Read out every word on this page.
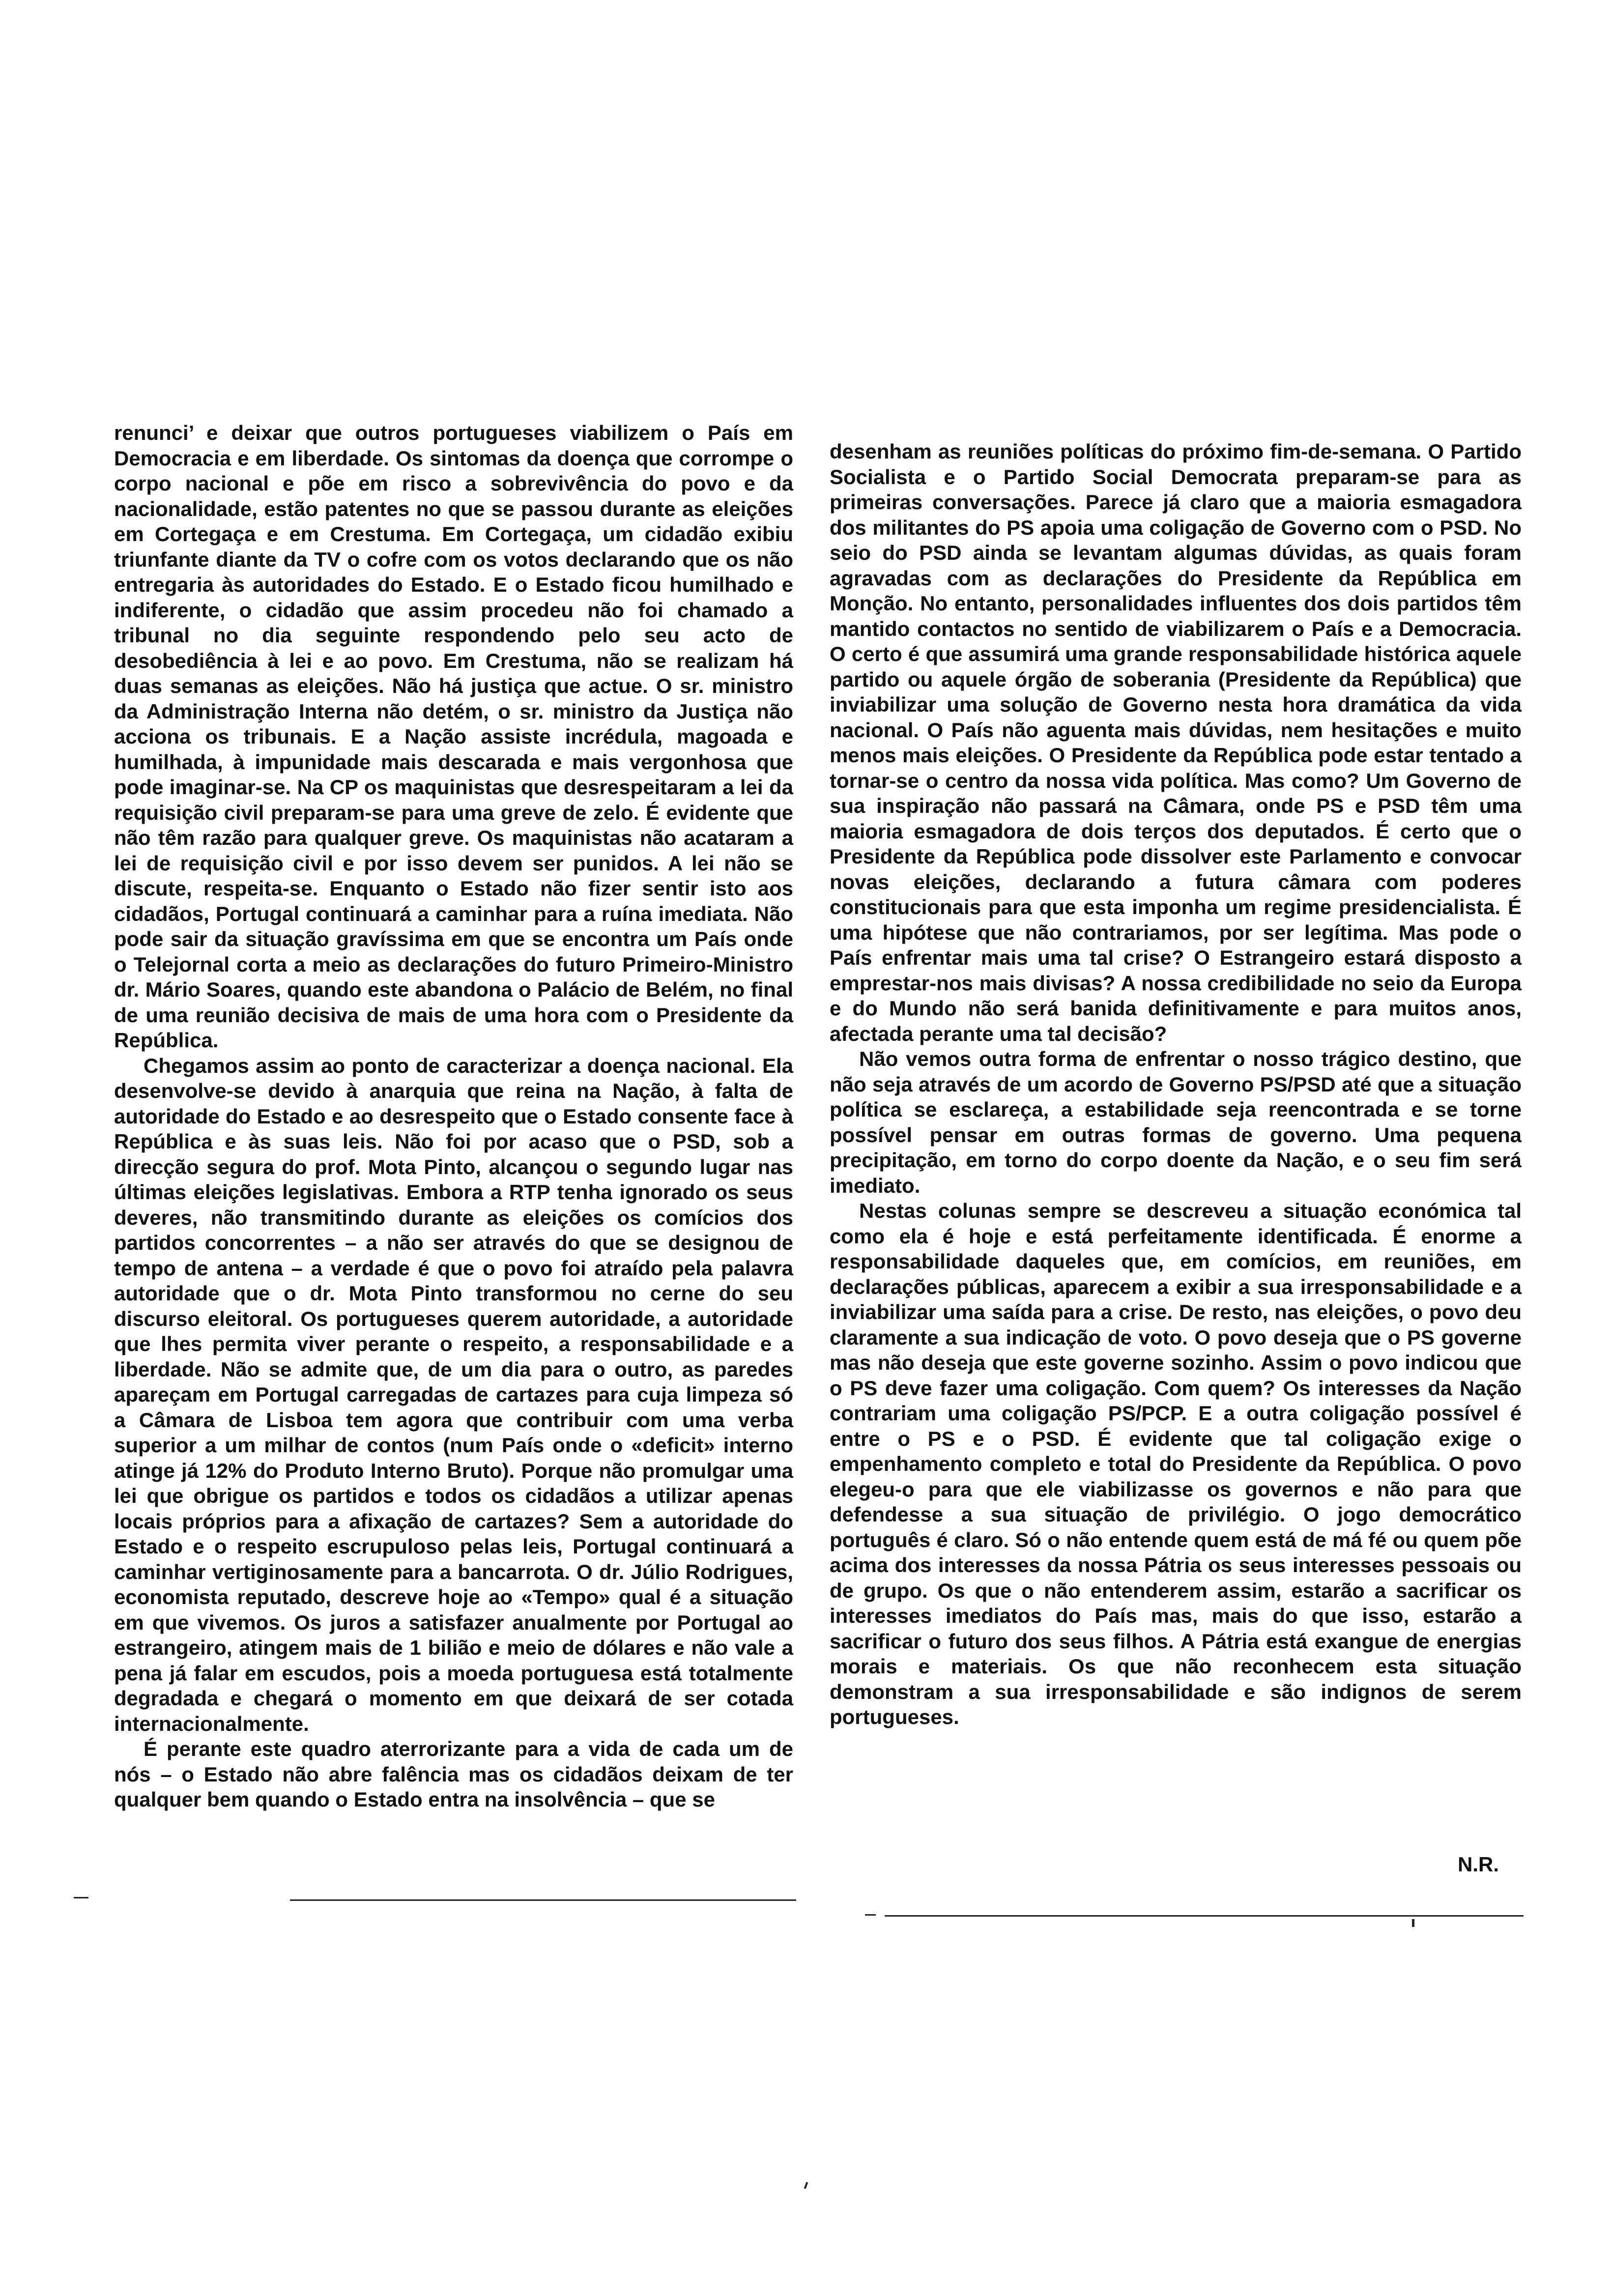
renunci’ e deixar que outros portugueses viabilizem o País em Democracia e em liberdade. Os sintomas da doença que corrompe o corpo nacional e põe em risco a sobrevivência do povo e da nacionalidade, estão patentes no que se passou durante as eleições em Cortegaça e em Crestuma. Em Cortegaça, um cidadão exibiu triunfante diante da TV o cofre com os votos declarando que os não entregaria às autoridades do Estado. E o Estado ficou humilhado e indiferente, o cidadão que assim procedeu não foi chamado a tribunal no dia seguinte respondendo pelo seu acto de desobediência à lei e ao povo. Em Crestuma, não se realizam há duas semanas as eleições. Não há justiça que actue. O sr. ministro da Administração Interna não detém, o sr. ministro da Justiça não acciona os tribunais. E a Nação assiste incrédula, magoada e humilhada, à impunidade mais descarada e mais vergonhosa que pode imaginar-se. Na CP os maquinistas que desrespeitaram a lei da requisição civil preparam-se para uma greve de zelo. É evidente que não têm razão para qualquer greve. Os maquinistas não acataram a lei de requisição civil e por isso devem ser punidos. A lei não se discute, respeita-se. Enquanto o Estado não fizer sentir isto aos cidadãos, Portugal continuará a caminhar para a ruína imediata. Não pode sair da situação gravíssima em que se encontra um País onde o Telejornal corta a meio as declarações do futuro Primeiro-Ministro dr. Mário Soares, quando este abandona o Palácio de Belém, no final de uma reunião decisiva de mais de uma hora com o Presidente da República.

Chegamos assim ao ponto de caracterizar a doença nacional. Ela desenvolve-se devido à anarquia que reina na Nação, à falta de autoridade do Estado e ao desrespeito que o Estado consente face à República e às suas leis. Não foi por acaso que o PSD, sob a direcção segura do prof. Mota Pinto, alcançou o segundo lugar nas últimas eleições legislativas. Embora a RTP tenha ignorado os seus deveres, não transmitindo durante as eleições os comícios dos partidos concorrentes – a não ser através do que se designou de tempo de antena – a verdade é que o povo foi atraído pela palavra autoridade que o dr. Mota Pinto transformou no cerne do seu discurso eleitoral. Os portugueses querem autoridade, a autoridade que lhes permita viver perante o respeito, a responsabilidade e a liberdade. Não se admite que, de um dia para o outro, as paredes apareçam em Portugal carregadas de cartazes para cuja limpeza só a Câmara de Lisboa tem agora que contribuir com uma verba superior a um milhar de contos (num País onde o «deficit» interno atinge já 12% do Produto Interno Bruto). Porque não promulgar uma lei que obrigue os partidos e todos os cidadãos a utilizar apenas locais próprios para a afixação de cartazes? Sem a autoridade do Estado e o respeito escrupuloso pelas leis, Portugal continuará a caminhar vertiginosamente para a bancarrota. O dr. Júlio Rodrigues, economista reputado, descreve hoje ao «Tempo» qual é a situação em que vivemos. Os juros a satisfazer anualmente por Portugal ao estrangeiro, atingem mais de 1 bilião e meio de dólares e não vale a pena já falar em escudos, pois a moeda portuguesa está totalmente degradada e chegará o momento em que deixará de ser cotada internacionalmente.

É perante este quadro aterrorizante para a vida de cada um de nós – o Estado não abre falência mas os cidadãos deixam de ter qualquer bem quando o Estado entra na insolvência – que se

desenham as reuniões políticas do próximo fim-de-semana. O Partido Socialista e o Partido Social Democrata preparam-se para as primeiras conversações. Parece já claro que a maioria esmagadora dos militantes do PS apoia uma coligação de Governo com o PSD. No seio do PSD ainda se levantam algumas dúvidas, as quais foram agravadas com as declarações do Presidente da República em Monção. No entanto, personalidades influentes dos dois partidos têm mantido contactos no sentido de viabilizarem o País e a Democracia. O certo é que assumirá uma grande responsabilidade histórica aquele partido ou aquele órgão de soberania (Presidente da República) que inviabilizar uma solução de Governo nesta hora dramática da vida nacional. O País não aguenta mais dúvidas, nem hesitações e muito menos mais eleições. O Presidente da República pode estar tentado a tornar-se o centro da nossa vida política. Mas como? Um Governo de sua inspiração não passará na Câmara, onde PS e PSD têm uma maioria esmagadora de dois terços dos deputados. É certo que o Presidente da República pode dissolver este Parlamento e convocar novas eleições, declarando a futura câmara com poderes constitucionais para que esta imponha um regime presidencialista. É uma hipótese que não contrariamos, por ser legítima. Mas pode o País enfrentar mais uma tal crise? O Estrangeiro estará disposto a emprestar-nos mais divisas? A nossa credibilidade no seio da Europa e do Mundo não será banida definitivamente e para muitos anos, afectada perante uma tal decisão?

Não vemos outra forma de enfrentar o nosso trágico destino, que não seja através de um acordo de Governo PS/PSD até que a situação política se esclareça, a estabilidade seja reencontrada e se torne possível pensar em outras formas de governo. Uma pequena precipitação, em torno do corpo doente da Nação, e o seu fim será imediato.

Nestas colunas sempre se descreveu a situação económica tal como ela é hoje e está perfeitamente identificada. É enorme a responsabilidade daqueles que, em comícios, em reuniões, em declarações públicas, aparecem a exibir a sua irresponsabilidade e a inviabilizar uma saída para a crise. De resto, nas eleições, o povo deu claramente a sua indicação de voto. O povo deseja que o PS governe mas não deseja que este governe sozinho. Assim o povo indicou que o PS deve fazer uma coligação. Com quem? Os interesses da Nação contrariam uma coligação PS/PCP. E a outra coligação possível é entre o PS e o PSD. É evidente que tal coligação exige o empenhamento completo e total do Presidente da República. O povo elegeu-o para que ele viabilizasse os governos e não para que defendesse a sua situação de privilégio. O jogo democrático português é claro. Só o não entende quem está de má fé ou quem põe acima dos interesses da nossa Pátria os seus interesses pessoais ou de grupo. Os que o não entenderem assim, estarão a sacrificar os interesses imediatos do País mas, mais do que isso, estarão a sacrificar o futuro dos seus filhos. A Pátria está exangue de energias morais e materiais. Os que não reconhecem esta situação demonstram a sua irresponsabilidade e são indignos de serem portugueses.

N.R.
